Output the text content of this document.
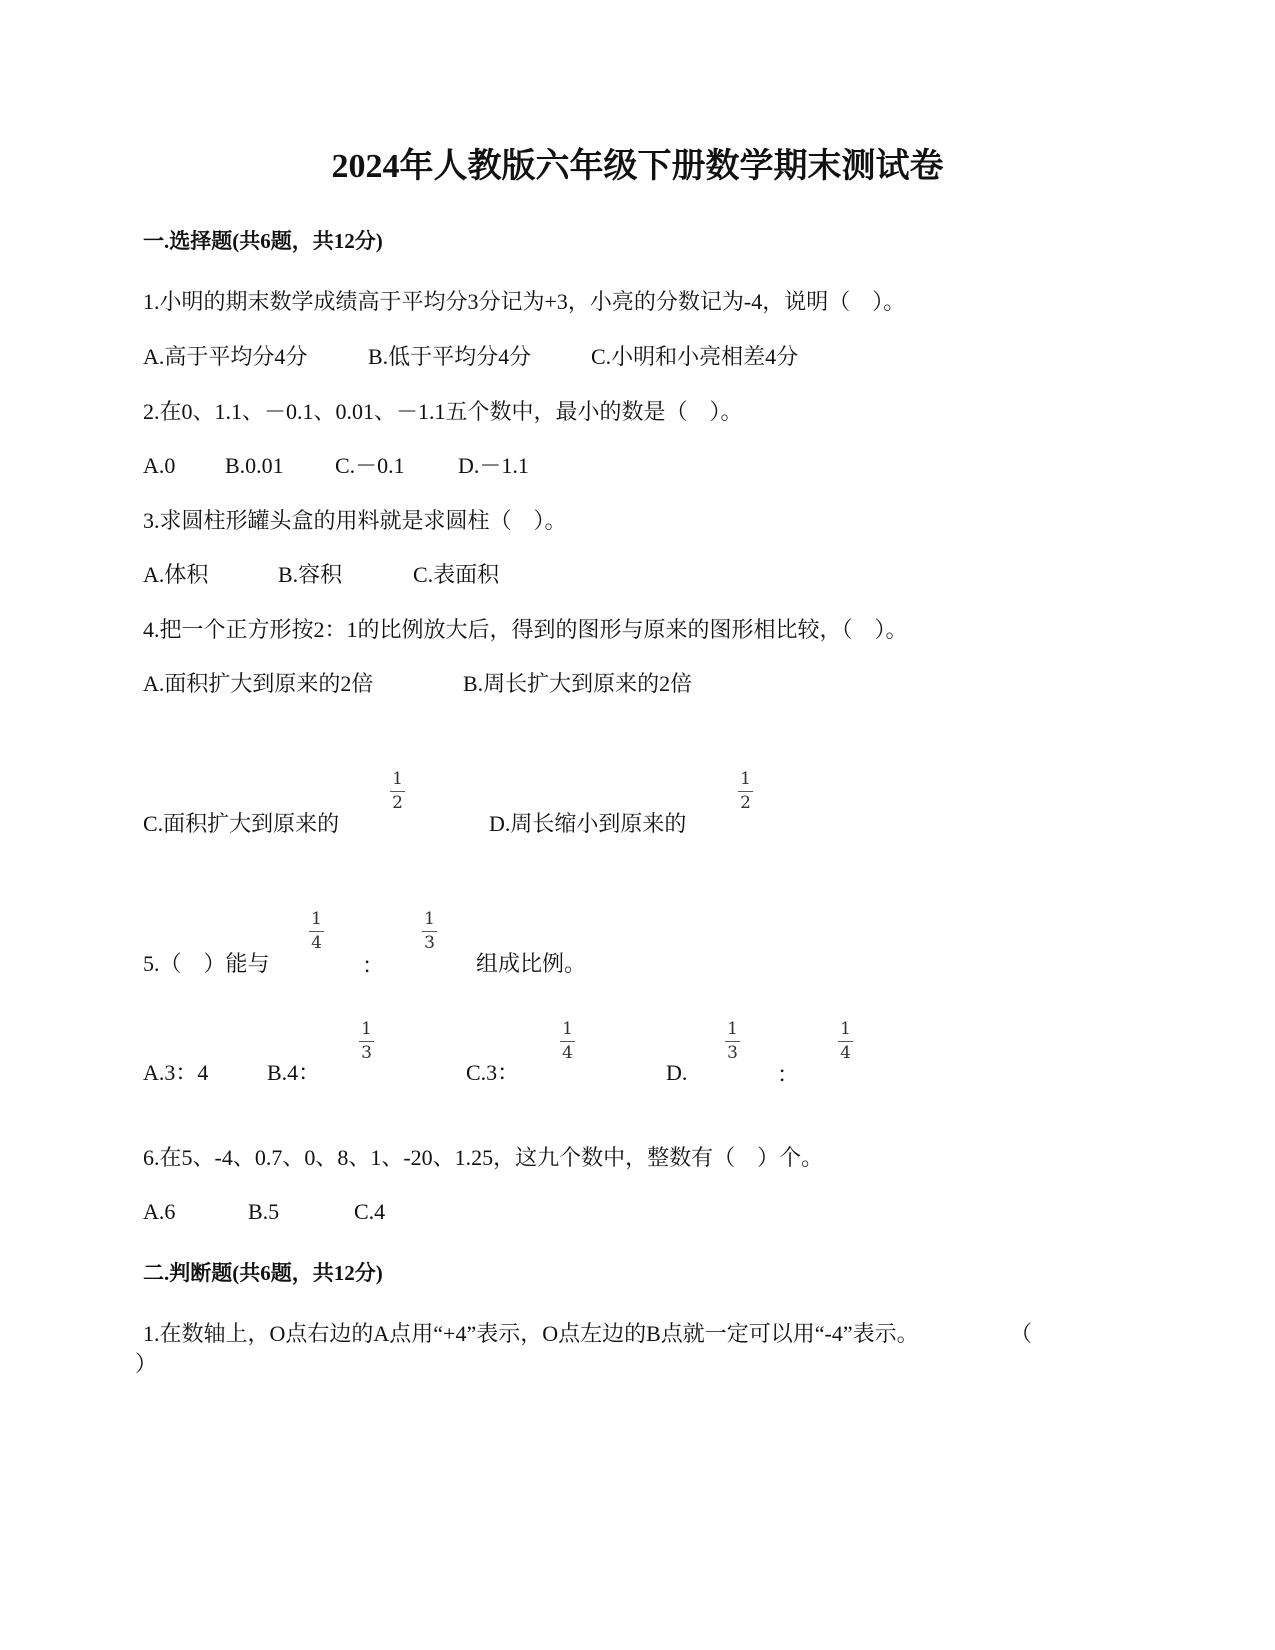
2024年人教版六年级下册数学期末测试卷
一.选择题(共6题，共12分)
1.小明的期末数学成绩高于平均分3分记为+3，小亮的分数记为-4，说明（　）。
A.高于平均分4分	B.低于平均分4分	C.小明和小亮相差4分
2.在0、1.1、－0.1、0.01、－1.1五个数中，最小的数是（　）。
A.0 B.0.01 C.－0.1 D.－1.1
3.求圆柱形罐头盒的用料就是求圆柱（　）。
A.体积	B.容积	C.表面积
4.把一个正方形按2：1的比例放大后，得到的图形与原来的图形相比较，（　）。
A.面积扩大到原来的2倍	B.周长扩大到原来的2倍
C.面积扩大到原来的
1
2
D.周长缩小到原来的
1
2
5.（　）能与
1
4
：
1
3
组成比例。
A.3：4	B.4：
1
3
C.3：
1
4
D.
1
3
：
1
4
6.在5、-4、0.7、0、8、1、-20、1.25，这九个数中，整数有（　）个。
A.6	B.5	C.4
二.判断题(共6题，共12分)
1.在数轴上，O点右边的A点用“+4”表示，O点左边的B点就一定可以用“-4”表示。	（
）
